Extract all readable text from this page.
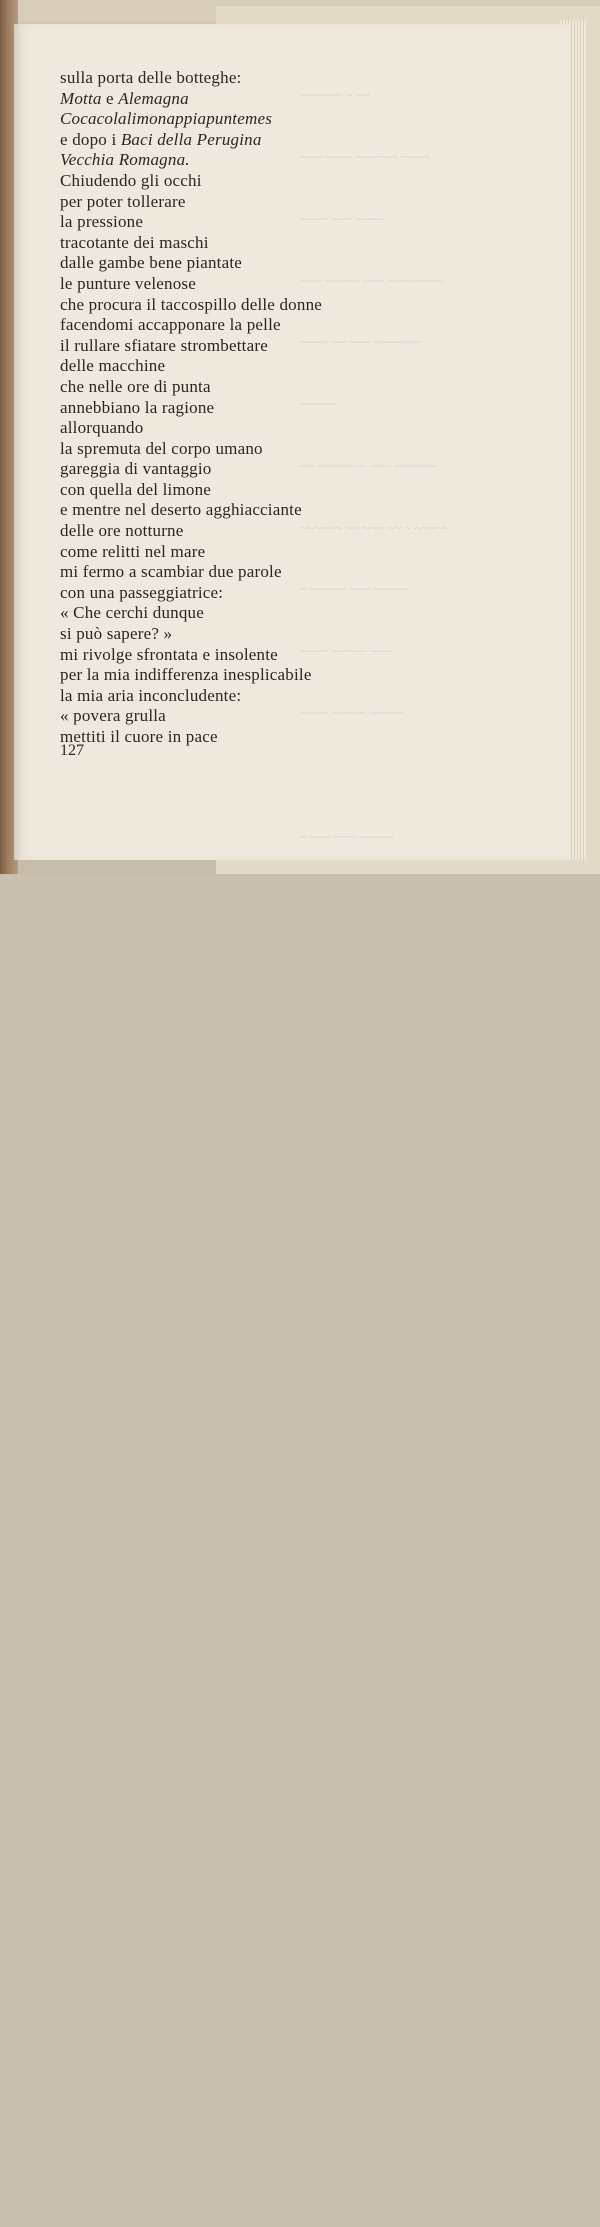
~~~~~~ ~ ~~

~~~ ~~~~ ~~~~~~ ~~~~

~~~~ ~~~ ~~~~

~~~ ~~~~~ ~~~ ~~~~~~~~

~~~~ ~~ ~~~ ~~~~~~~

~~~~~

~~ ~~~~~~~ ~~~ ~~~~~~

~~~~~~ ~~ ~~~ ~~ ~ ~~~~~

~ ~~~~~ ~~~ ~~~~~

~~~~ ~~~~~ ~~~

~~~~ ~~~~~ ~~~~~

~ ~~~ ~~~ ~~~~~

~ ~~~~~ ~~ ~~ ~~~~

~~ ~ ~~~~~ ~ ~~~~~~~

~~~ ~~ ~~~~ ~~~~~~~~

~~ ~~~~~~ ~~~~~~~~

~~~~~~~~~ ~~ ~~~~~~~

~~~~~~ ~~ ~~~~~

~~~~~~ ~~~~~~~

~~~~ ~~ ~~~ ~~~~~~

~~ ~~~~ ~~~~~~~

~~~~~ ~ ~~~~~~~ ~~~~

~~ ~~~~ ~~~~~~~~

~~~~ ~~~~~~~ ~~

~~~~ ~~~~~~ ~~~~~~~

~~~ ~~~

~~~~~~ ~~~~ ~~ ~~~~ ~~ ~~~~~~

~~ ~~~~~ ~~ ~~~~~ ~~~~~

~~ ~~~~ ~~~ ~ ~~~~~~ ~~

~~~~~ ~~~~ ~~~~ ~~ ~~ ~~~~

~~~ ~~~~ ~~~~ ~~~ ~~~~ ~~~~

~~~~~~~ ~~ ~~~ ~~~~

~~

sulla porta delle botteghe:
Motta e Alemagna
Cocacolalimonappiapuntemes
e dopo i Baci della Perugina
Vecchia Romagna.
Chiudendo gli occhi
per poter tollerare
la pressione
tracotante dei maschi
dalle gambe bene piantate
le punture velenose
che procura il taccospillo delle donne
facendomi accapponare la pelle
il rullare sfiatare strombettare
delle macchine
che nelle ore di punta
annebbiano la ragione
allorquando
la spremuta del corpo umano
gareggia di vantaggio
con quella del limone
e mentre nel deserto agghiacciante
delle ore notturne
come relitti nel mare
mi fermo a scambiar due parole
con una passeggiatrice:
« Che cerchi dunque
si può sapere? »
mi rivolge sfrontata e insolente
per la mia indifferenza inesplicabile
la mia aria inconcludente:
« povera grulla
mettiti il cuore in pace
127
